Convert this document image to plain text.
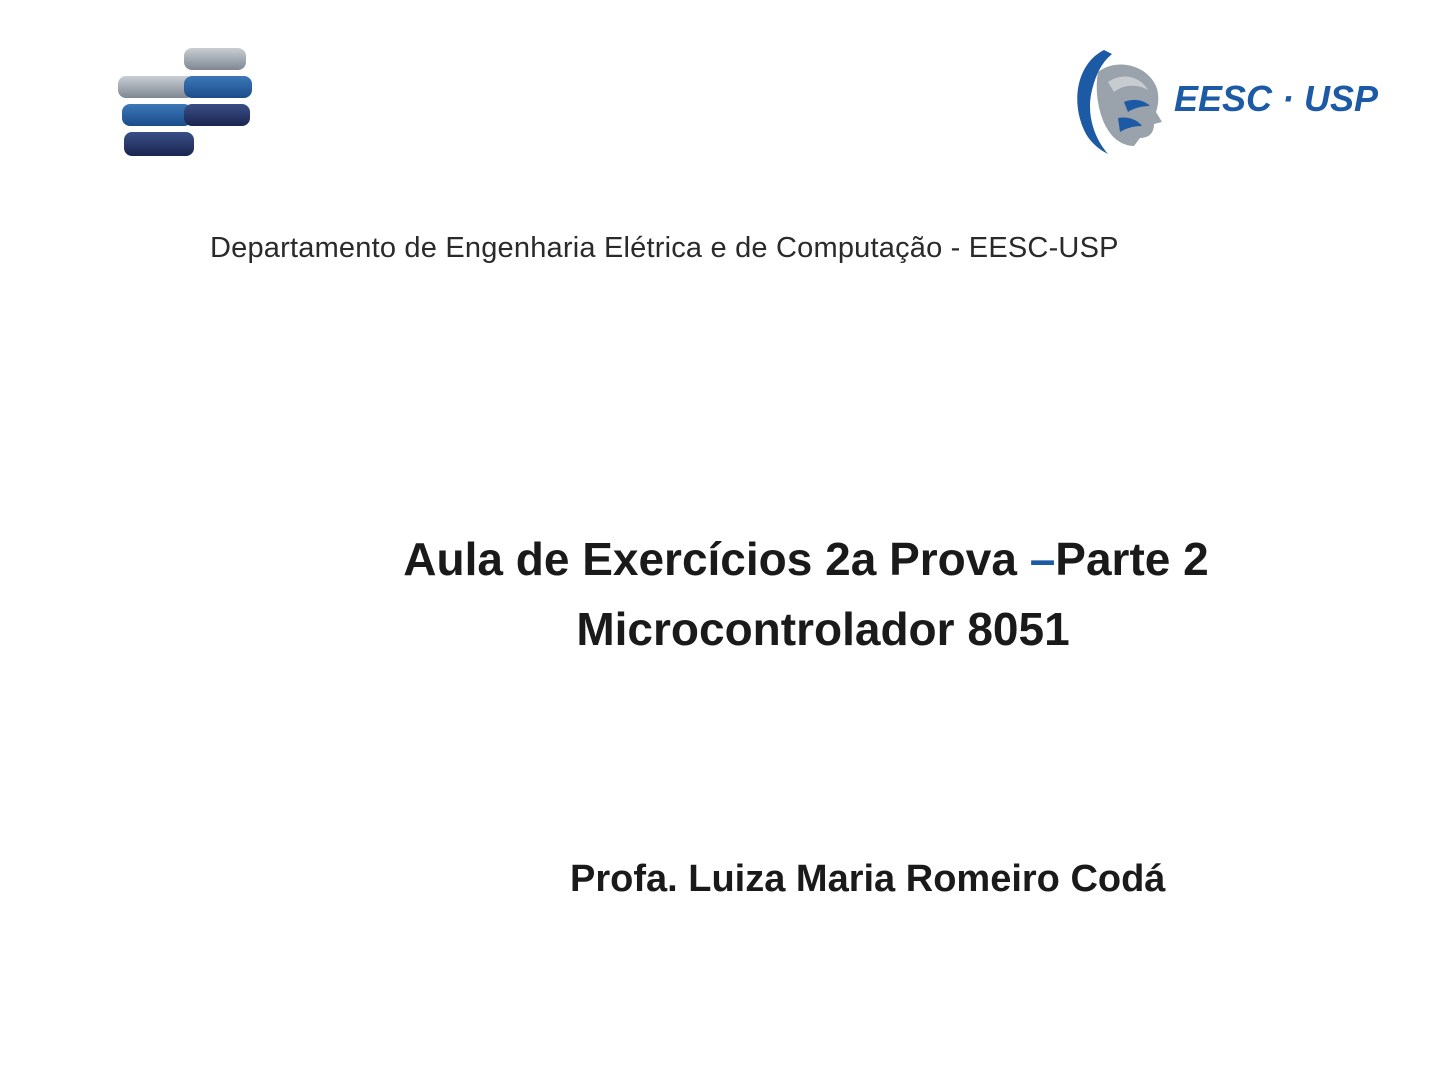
EESC · USP
Departamento de Engenharia Elétrica e de Computação - EESC-USP
Aula de Exercícios 2a Prova –Parte 2
Microcontrolador 8051
Profa. Luiza Maria Romeiro Codá
